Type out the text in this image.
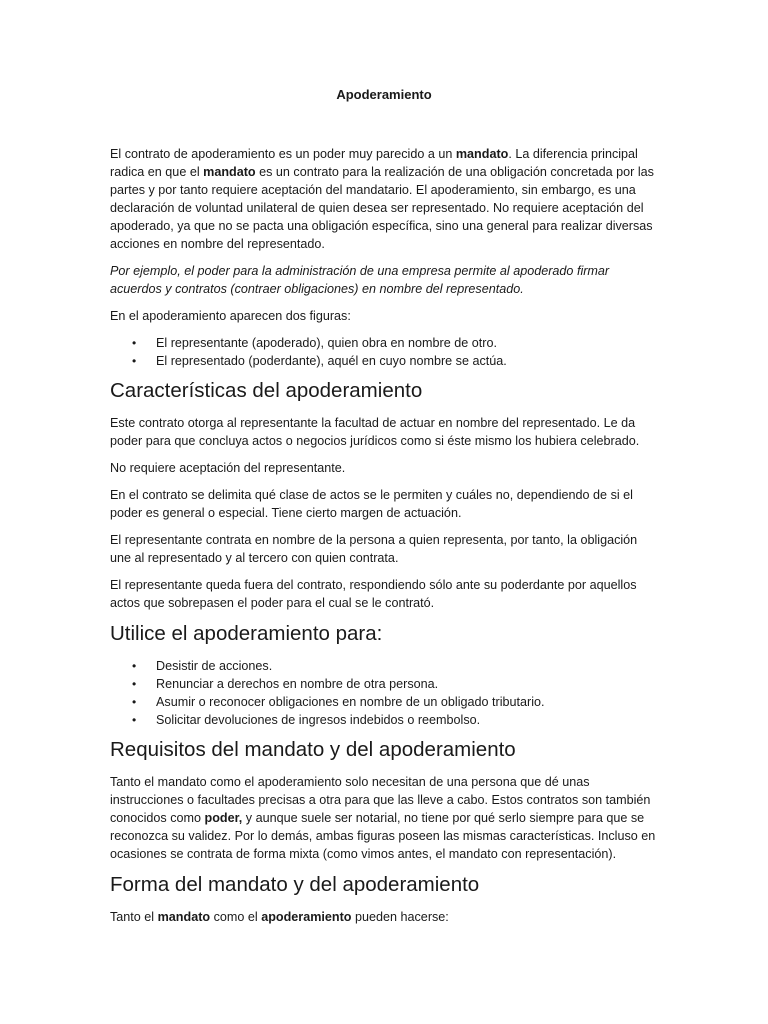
Apoderamiento

El contrato de apoderamiento es un poder muy parecido a un mandato. La diferencia principal radica en que el mandato es un contrato para la realización de una obligación concretada por las partes y por tanto requiere aceptación del mandatario. El apoderamiento, sin embargo, es una declaración de voluntad unilateral de quien desea ser representado. No requiere aceptación del apoderado, ya que no se pacta una obligación específica, sino una general para realizar diversas acciones en nombre del representado.

Por ejemplo, el poder para la administración de una empresa permite al apoderado firmar acuerdos y contratos (contraer obligaciones) en nombre del representado.

En el apoderamiento aparecen dos figuras:

• El representante (apoderado), quien obra en nombre de otro.
• El representado (poderdante), aquél en cuyo nombre se actúa.
Características del apoderamiento

Este contrato otorga al representante la facultad de actuar en nombre del representado. Le da poder para que concluya actos o negocios jurídicos como si éste mismo los hubiera celebrado.

No requiere aceptación del representante.

En el contrato se delimita qué clase de actos se le permiten y cuáles no, dependiendo de si el poder es general o especial. Tiene cierto margen de actuación.

El representante contrata en nombre de la persona a quien representa, por tanto, la obligación une al representado y al tercero con quien contrata.

El representante queda fuera del contrato, respondiendo sólo ante su poderdante por aquellos actos que sobrepasen el poder para el cual se le contrató.

Utilice el apoderamiento para:
• Desistir de acciones.
• Renunciar a derechos en nombre de otra persona.
• Asumir o reconocer obligaciones en nombre de un obligado tributario.
• Solicitar devoluciones de ingresos indebidos o reembolso.
Requisitos del mandato y del apoderamiento

Tanto el mandato como el apoderamiento solo necesitan de una persona que dé unas instrucciones o facultades precisas a otra para que las lleve a cabo. Estos contratos son también conocidos como poder, y aunque suele ser notarial, no tiene por qué serlo siempre para que se reconozca su validez. Por lo demás, ambas figuras poseen las mismas características. Incluso en ocasiones se contrata de forma mixta (como vimos antes, el mandato con representación).

Forma del mandato y del apoderamiento

Tanto el mandato como el apoderamiento pueden hacerse:
